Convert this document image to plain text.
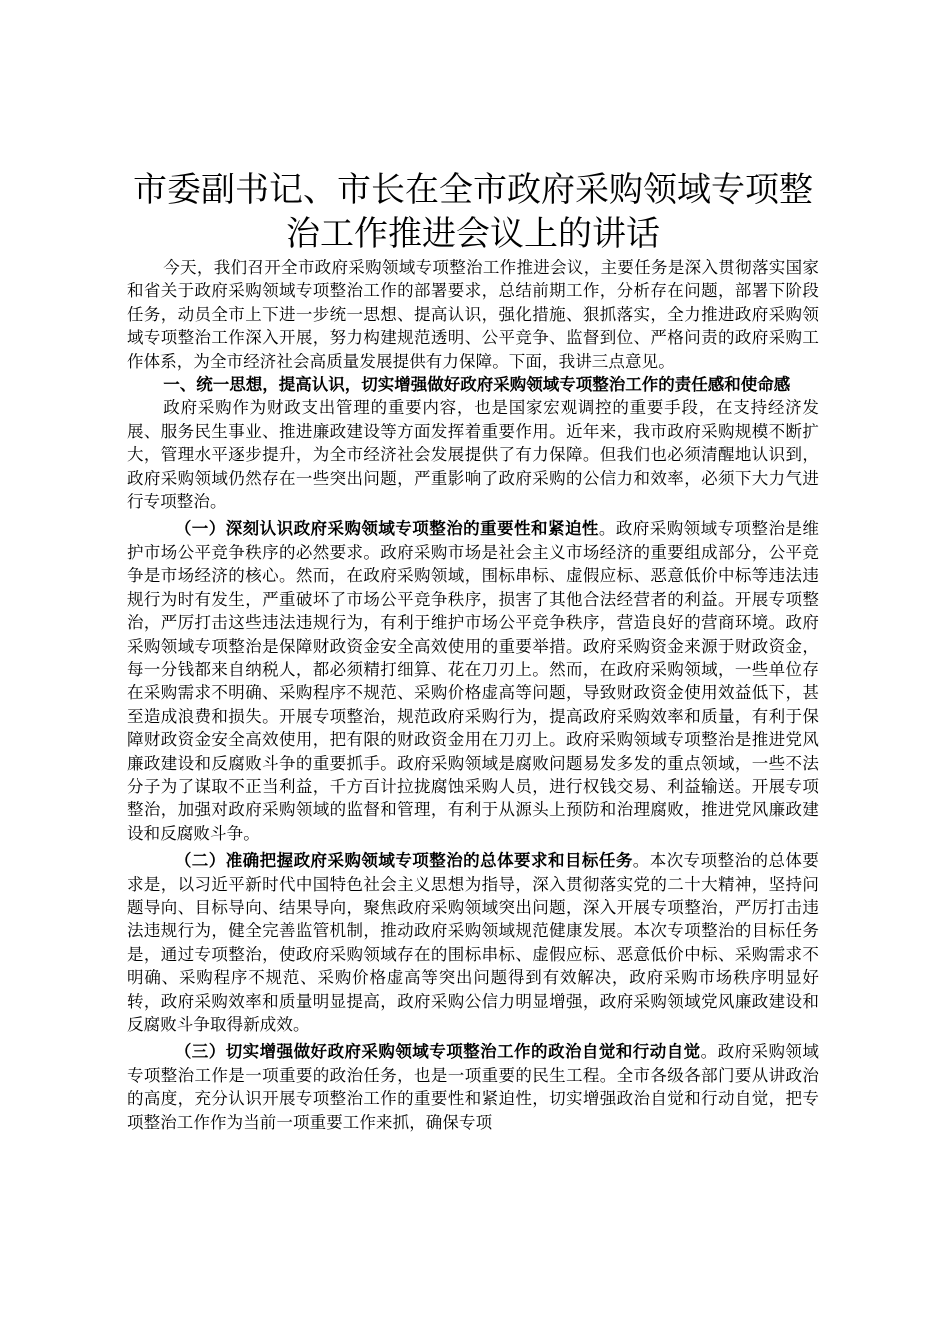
市委副书记、市长在全市政府采购领域专项整治工作推进会议上的讲话

今天，我们召开全市政府采购领域专项整治工作推进会议，主要任务是深入贯彻落实国家和省关于政府采购领域专项整治工作的部署要求，总结前期工作，分析存在问题，部署下阶段任务，动员全市上下进一步统一思想、提高认识，强化措施、狠抓落实，全力推进政府采购领域专项整治工作深入开展，努力构建规范透明、公平竞争、监督到位、严格问责的政府采购工作体系，为全市经济社会高质量发展提供有力保障。下面，我讲三点意见。

一、统一思想，提高认识，切实增强做好政府采购领域专项整治工作的责任感和使命感

政府采购作为财政支出管理的重要内容，也是国家宏观调控的重要手段，在支持经济发展、服务民生事业、推进廉政建设等方面发挥着重要作用。近年来，我市政府采购规模不断扩大，管理水平逐步提升，为全市经济社会发展提供了有力保障。但我们也必须清醒地认识到，政府采购领域仍然存在一些突出问题，严重影响了政府采购的公信力和效率，必须下大力气进行专项整治。

（一）深刻认识政府采购领域专项整治的重要性和紧迫性。政府采购领域专项整治是维护市场公平竞争秩序的必然要求。政府采购市场是社会主义市场经济的重要组成部分，公平竞争是市场经济的核心。然而，在政府采购领域，围标串标、虚假应标、恶意低价中标等违法违规行为时有发生，严重破坏了市场公平竞争秩序，损害了其他合法经营者的利益。开展专项整治，严厉打击这些违法违规行为，有利于维护市场公平竞争秩序，营造良好的营商环境。政府采购领域专项整治是保障财政资金安全高效使用的重要举措。政府采购资金来源于财政资金，每一分钱都来自纳税人，都必须精打细算、花在刀刃上。然而，在政府采购领域，一些单位存在采购需求不明确、采购程序不规范、采购价格虚高等问题，导致财政资金使用效益低下，甚至造成浪费和损失。开展专项整治，规范政府采购行为，提高政府采购效率和质量，有利于保障财政资金安全高效使用，把有限的财政资金用在刀刃上。政府采购领域专项整治是推进党风廉政建设和反腐败斗争的重要抓手。政府采购领域是腐败问题易发多发的重点领域，一些不法分子为了谋取不正当利益，千方百计拉拢腐蚀采购人员，进行权钱交易、利益输送。开展专项整治，加强对政府采购领域的监督和管理，有利于从源头上预防和治理腐败，推进党风廉政建设和反腐败斗争。

（二）准确把握政府采购领域专项整治的总体要求和目标任务。本次专项整治的总体要求是，以习近平新时代中国特色社会主义思想为指导，深入贯彻落实党的二十大精神，坚持问题导向、目标导向、结果导向，聚焦政府采购领域突出问题，深入开展专项整治，严厉打击违法违规行为，健全完善监管机制，推动政府采购领域规范健康发展。本次专项整治的目标任务是，通过专项整治，使政府采购领域存在的围标串标、虚假应标、恶意低价中标、采购需求不明确、采购程序不规范、采购价格虚高等突出问题得到有效解决，政府采购市场秩序明显好转，政府采购效率和质量明显提高，政府采购公信力明显增强，政府采购领域党风廉政建设和反腐败斗争取得新成效。

（三）切实增强做好政府采购领域专项整治工作的政治自觉和行动自觉。政府采购领域专项整治工作是一项重要的政治任务，也是一项重要的民生工程。全市各级各部门要从讲政治的高度，充分认识开展专项整治工作的重要性和紧迫性，切实增强政治自觉和行动自觉，把专项整治工作作为当前一项重要工作来抓，确保专项
